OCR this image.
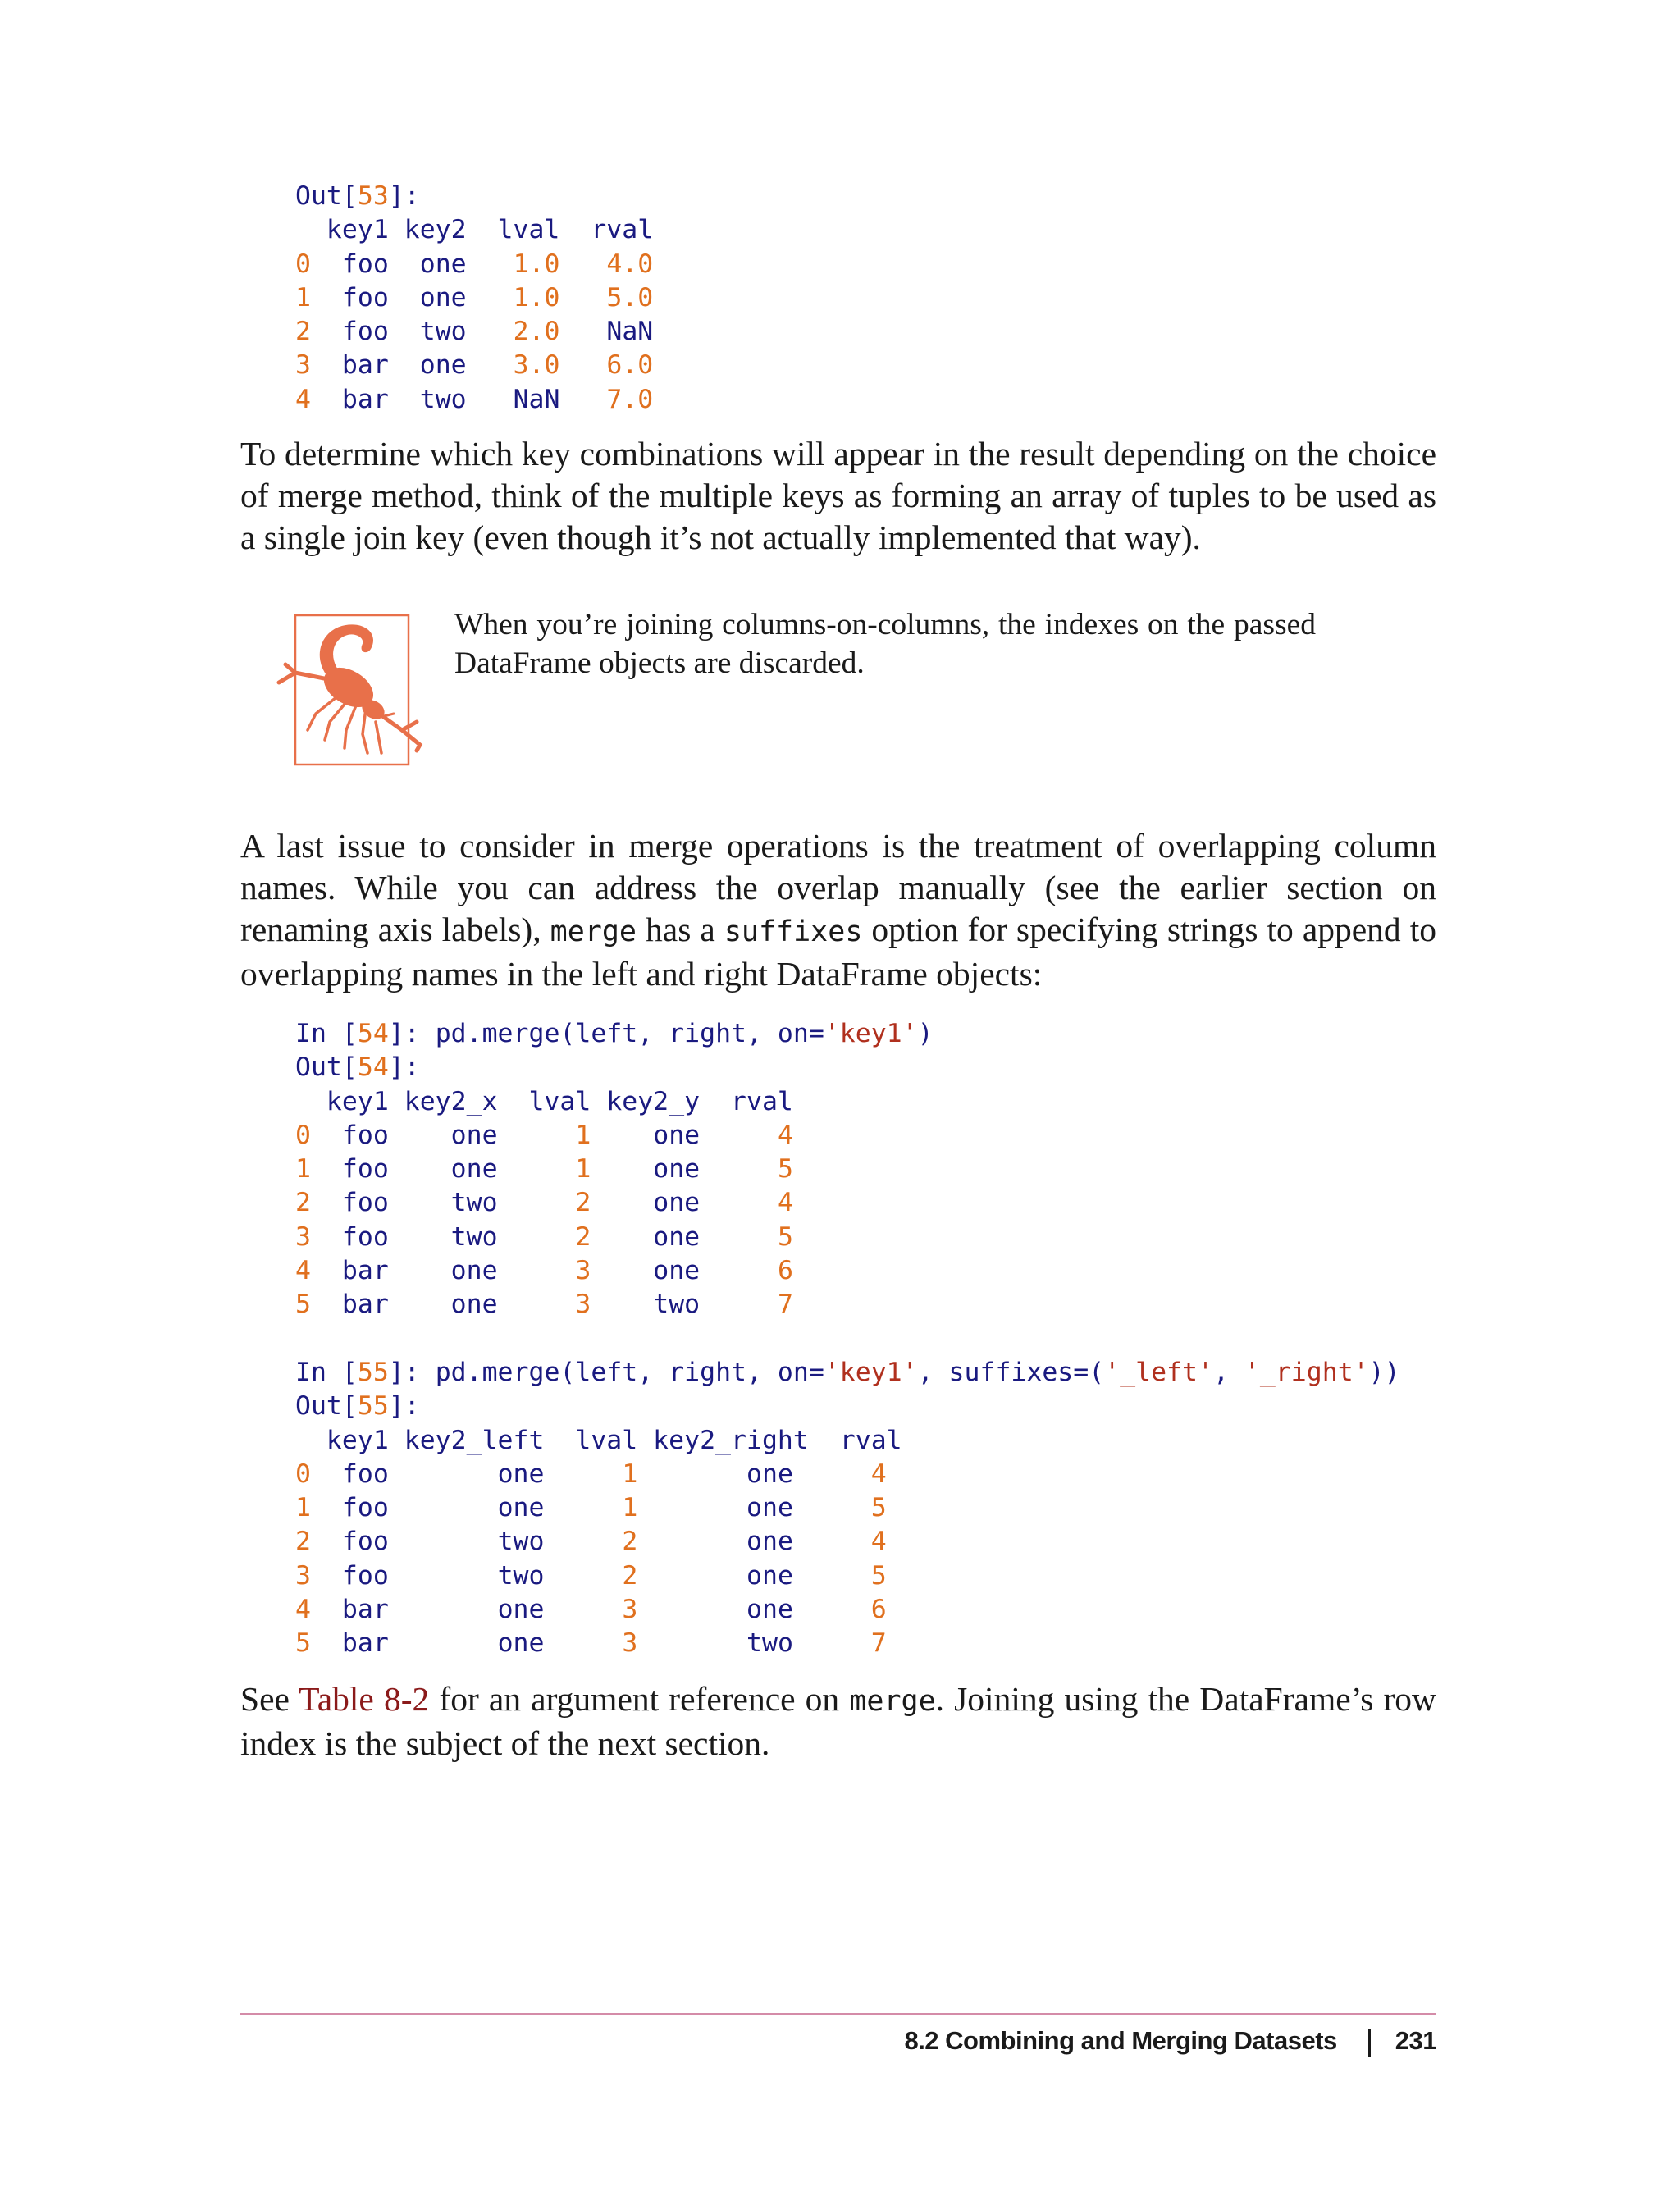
Out[53]:
key1 key2  lval  rval
0 foo one 1.0 4.0
1 foo one 1.0 5.0
2 foo two 2.0 NaN
3 bar one 3.0 6.0
4 bar two NaN 7.0

To determine which key combinations will appear in the result depending on the choice of merge method, think of the multiple keys as forming an array of tuples to be used as a single join key (even though it’s not actually implemented that way).

When you’re joining columns-on-columns, the indexes on the passed DataFrame objects are discarded.

A last issue to consider in merge operations is the treatment of overlapping column names. While you can address the overlap manually (see the earlier section on renaming axis labels), merge has a suffixes option for specifying strings to append to overlapping names in the left and right DataFrame objects:

In [54]: pd.merge(left, right, on='key1')
Out[54]:
key1 key2_x  lval key2_y  rval
0 foo one	1 one	4
1 foo one	1 one	5
2 foo two	2 one	4
3 foo two	2 one	5
4 bar one	3 one	6
5 bar one	3 two	7
In [55]: pd.merge(left, right, on='key1', suffixes=('_left', '_right'))
Out[55]:
key1 key2_left  lval key2_right  rval
0 foo	one	1	one	4
1 foo	one	1	one	5
2 foo	two	2	one	4
3 foo	two	2	one	5
4 bar	one	3	one	6
5 bar	one	3	two	7

See Table 8-2 for an argument reference on merge. Joining using the DataFrame’s row index is the subject of the next section.

8.2 Combining and Merging Datasets 231
